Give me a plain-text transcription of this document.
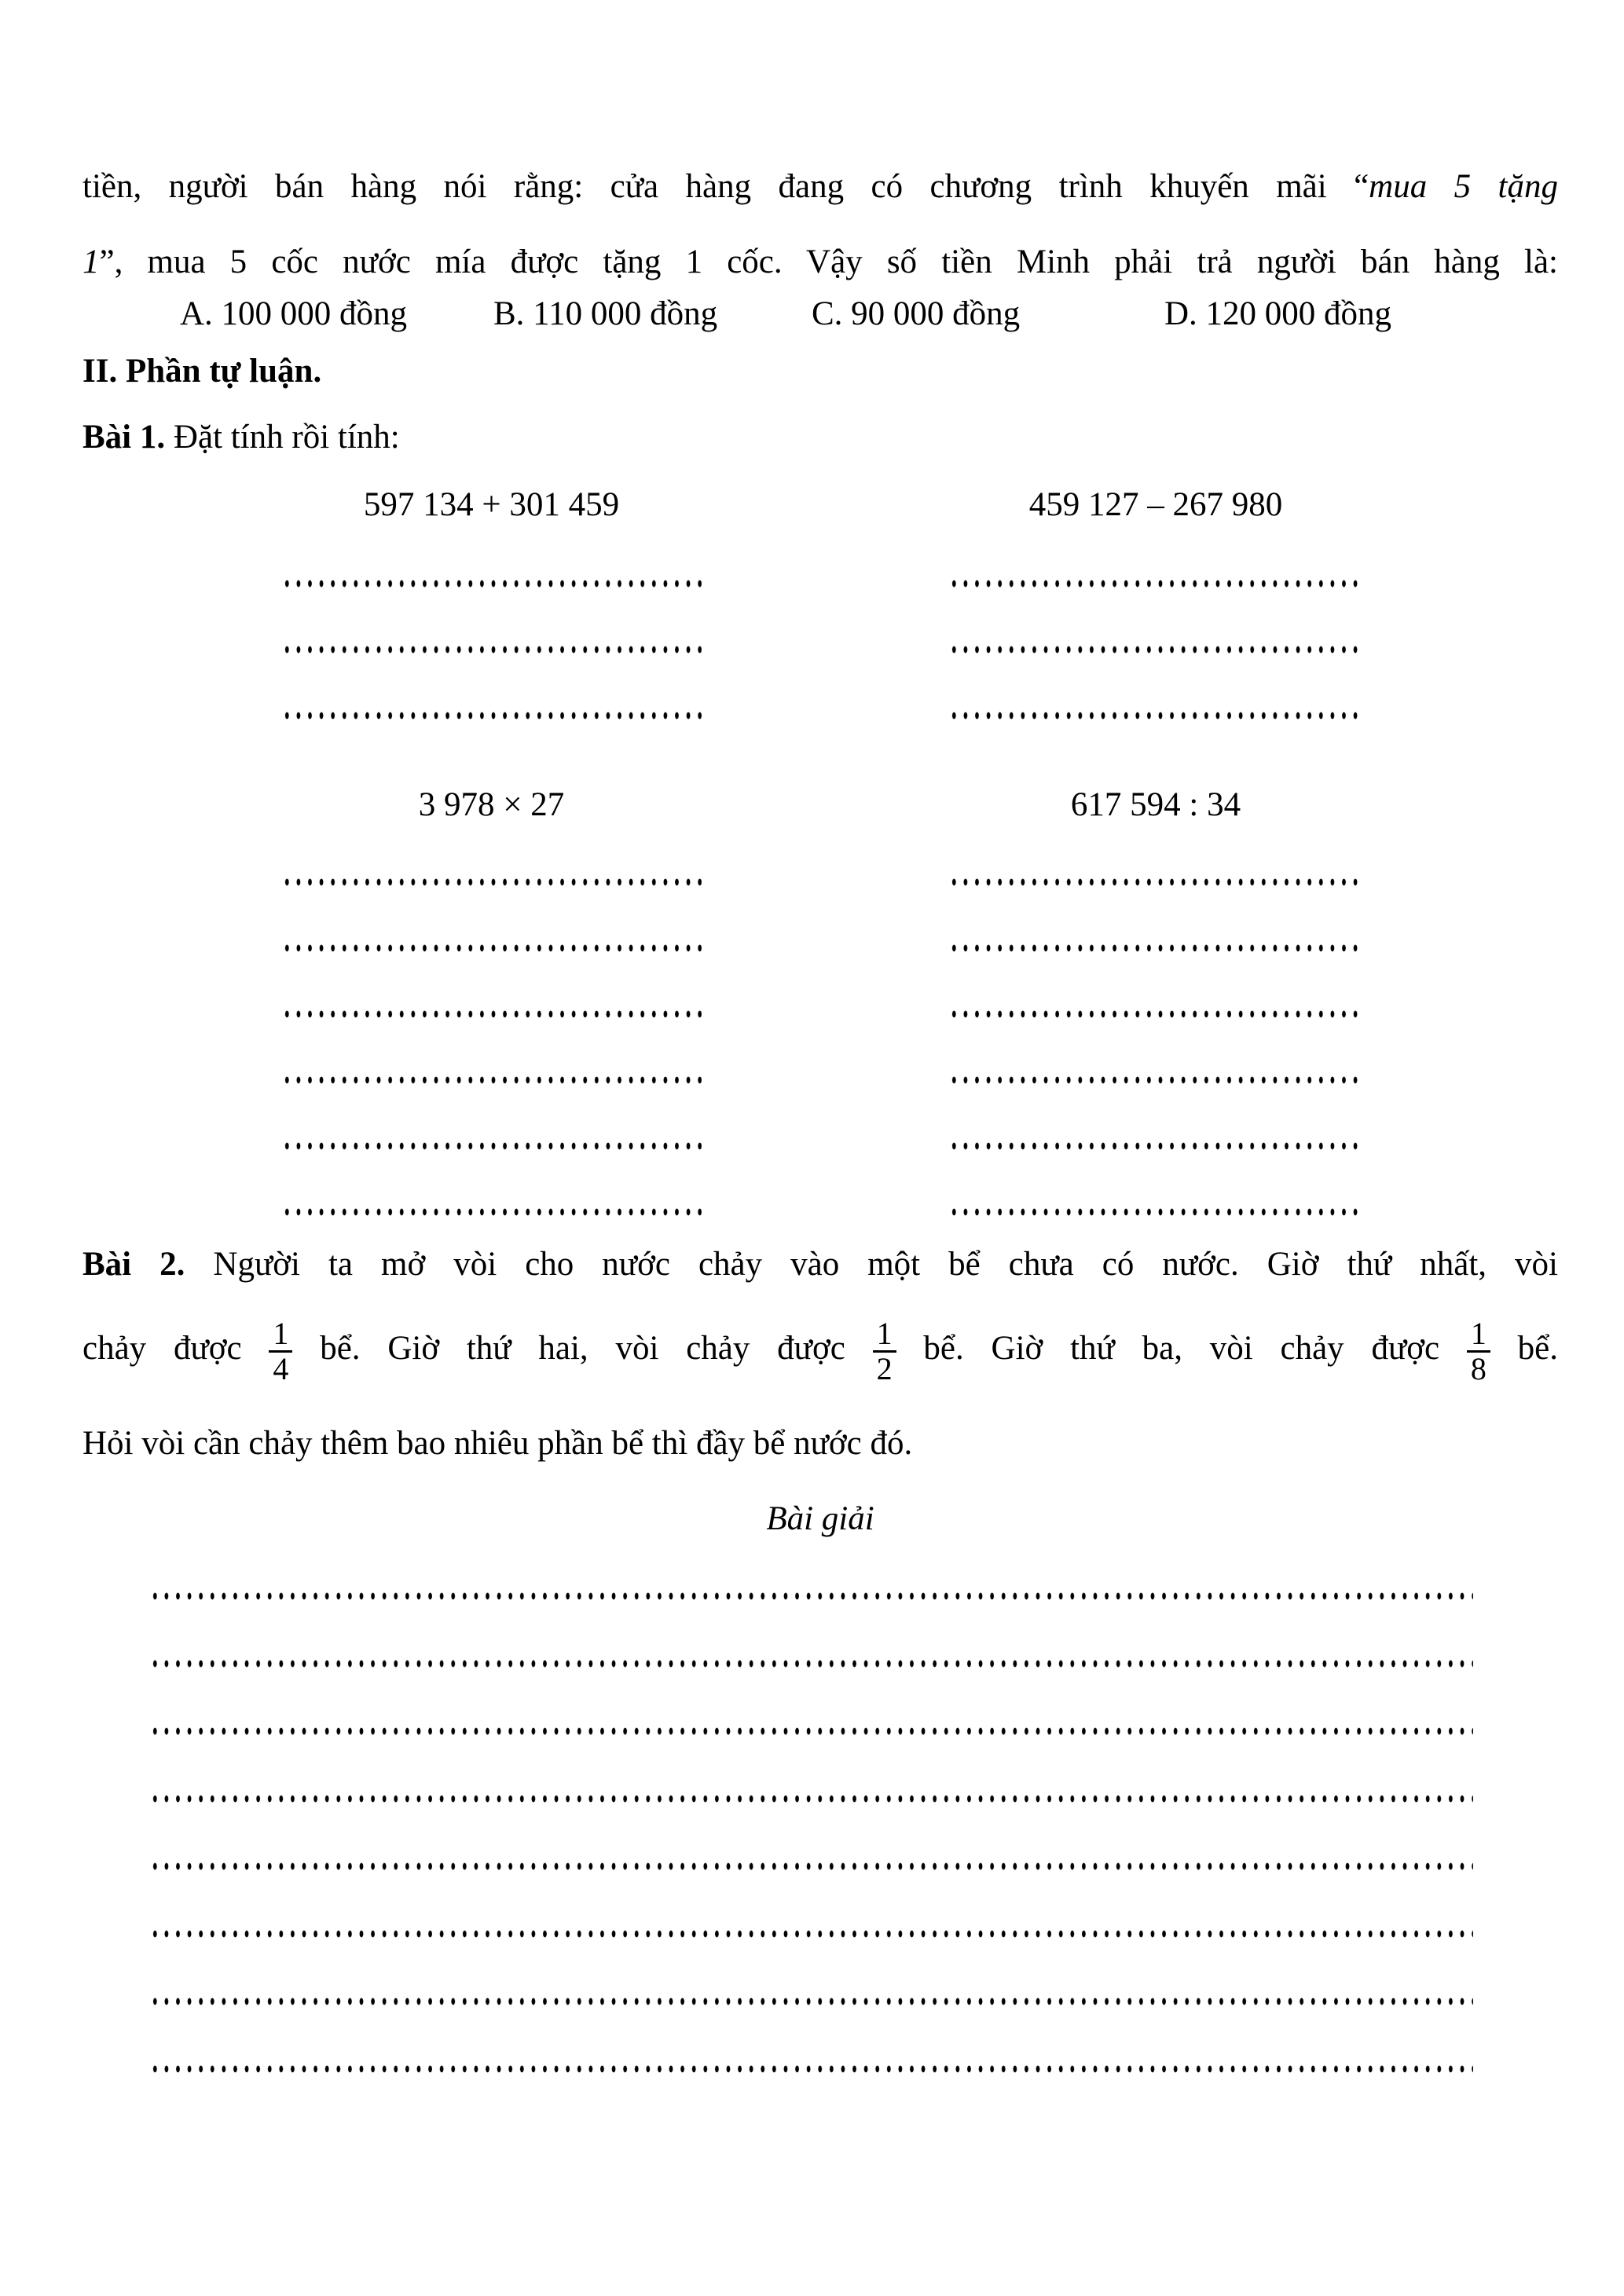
tiền, người bán hàng nói rằng: cửa hàng đang có chương trình khuyến mãi “mua 5 tặng
1”, mua 5 cốc nước mía được tặng 1 cốc. Vậy số tiền Minh phải trả người bán hàng là:
A. 100 000 đồng	B. 110 000 đồng	C. 90 000 đồng	D. 120 000 đồng
II. Phần tự luận.
Bài 1. Đặt tính rồi tính:
597 134 + 301 459	459 127 – 267 980
3 978 × 27	617 594 : 34
Bài 2. Người ta mở vòi cho nước chảy vào một bể chưa có nước. Giờ thứ nhất, vòi
chảy được $\frac{1}{4}$ bể. Giờ thứ hai, vòi chảy được $\frac{1}{2}$ bể. Giờ thứ ba, vòi chảy được $\frac{1}{8}$ bể.
Hỏi vòi cần chảy thêm bao nhiêu phần bể thì đầy bể nước đó.
Bài giải
